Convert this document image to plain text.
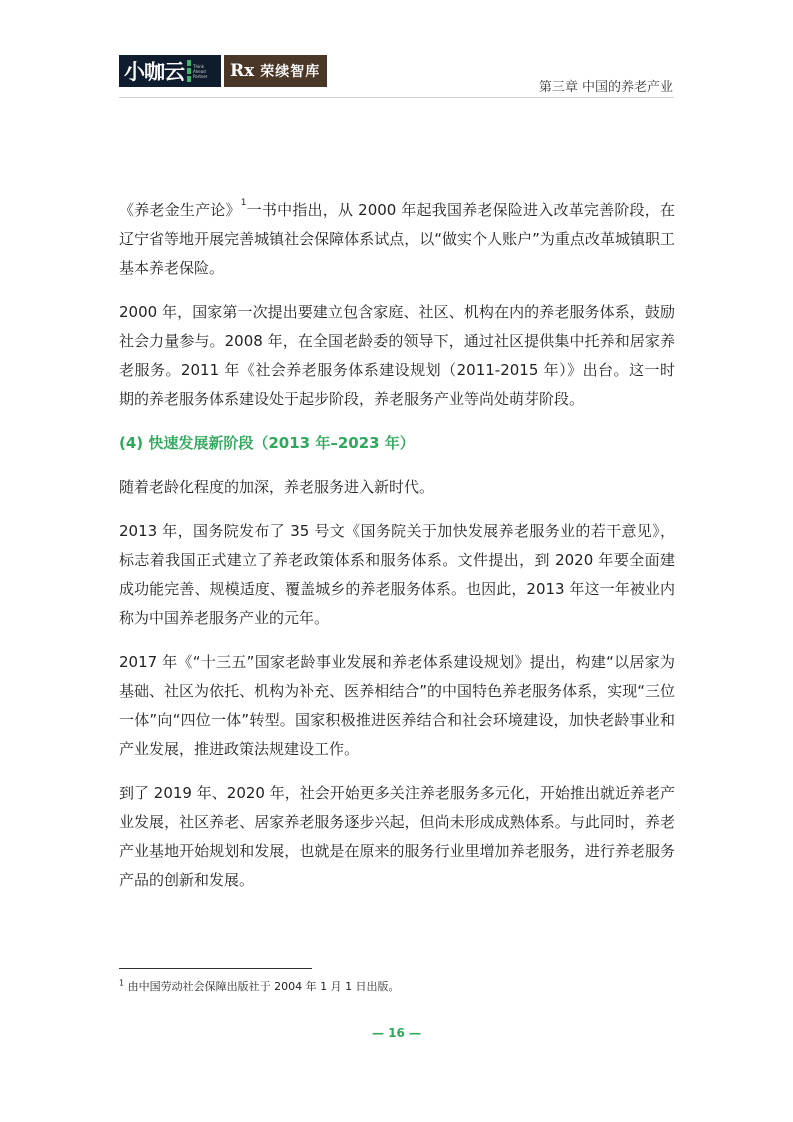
小咖云 Think Ahead Partner	Rx 荣续智库
第三章 中国的养老产业

《养老金生产论》$^1$一书中指出，从 2000 年起我国养老保险进入改革完善阶段，在辽宁省等地开展完善城镇社会保障体系试点，以“做实个人账户”为重点改革城镇职工基本养老保险。

2000 年，国家第一次提出要建立包含家庭、社区、机构在内的养老服务体系，鼓励社会力量参与。2008 年，在全国老龄委的领导下，通过社区提供集中托养和居家养老服务。2011 年《社会养老服务体系建设规划（2011-2015 年）》出台。这一时期的养老服务体系建设处于起步阶段，养老服务产业等尚处萌芽阶段。

(4) 快速发展新阶段（2013 年–2023 年）

随着老龄化程度的加深，养老服务进入新时代。

2013 年，国务院发布了 35 号文《国务院关于加快发展养老服务业的若干意见》，标志着我国正式建立了养老政策体系和服务体系。文件提出，到 2020 年要全面建成功能完善、规模适度、覆盖城乡的养老服务体系。也因此，2013 年这一年被业内称为中国养老服务产业的元年。

2017 年《“十三五”国家老龄事业发展和养老体系建设规划》提出，构建“以居家为基础、社区为依托、机构为补充、医养相结合”的中国特色养老服务体系，实现“三位一体”向“四位一体”转型。国家积极推进医养结合和社会环境建设，加快老龄事业和产业发展，推进政策法规建设工作。

到了 2019 年、2020 年，社会开始更多关注养老服务多元化，开始推出就近养老产业发展，社区养老、居家养老服务逐步兴起，但尚未形成成熟体系。与此同时，养老产业基地开始规划和发展，也就是在原来的服务行业里增加养老服务，进行养老服务产品的创新和发展。

$^1$ 由中国劳动社会保障出版社于 2004 年 1 月 1 日出版。
— 16 —
